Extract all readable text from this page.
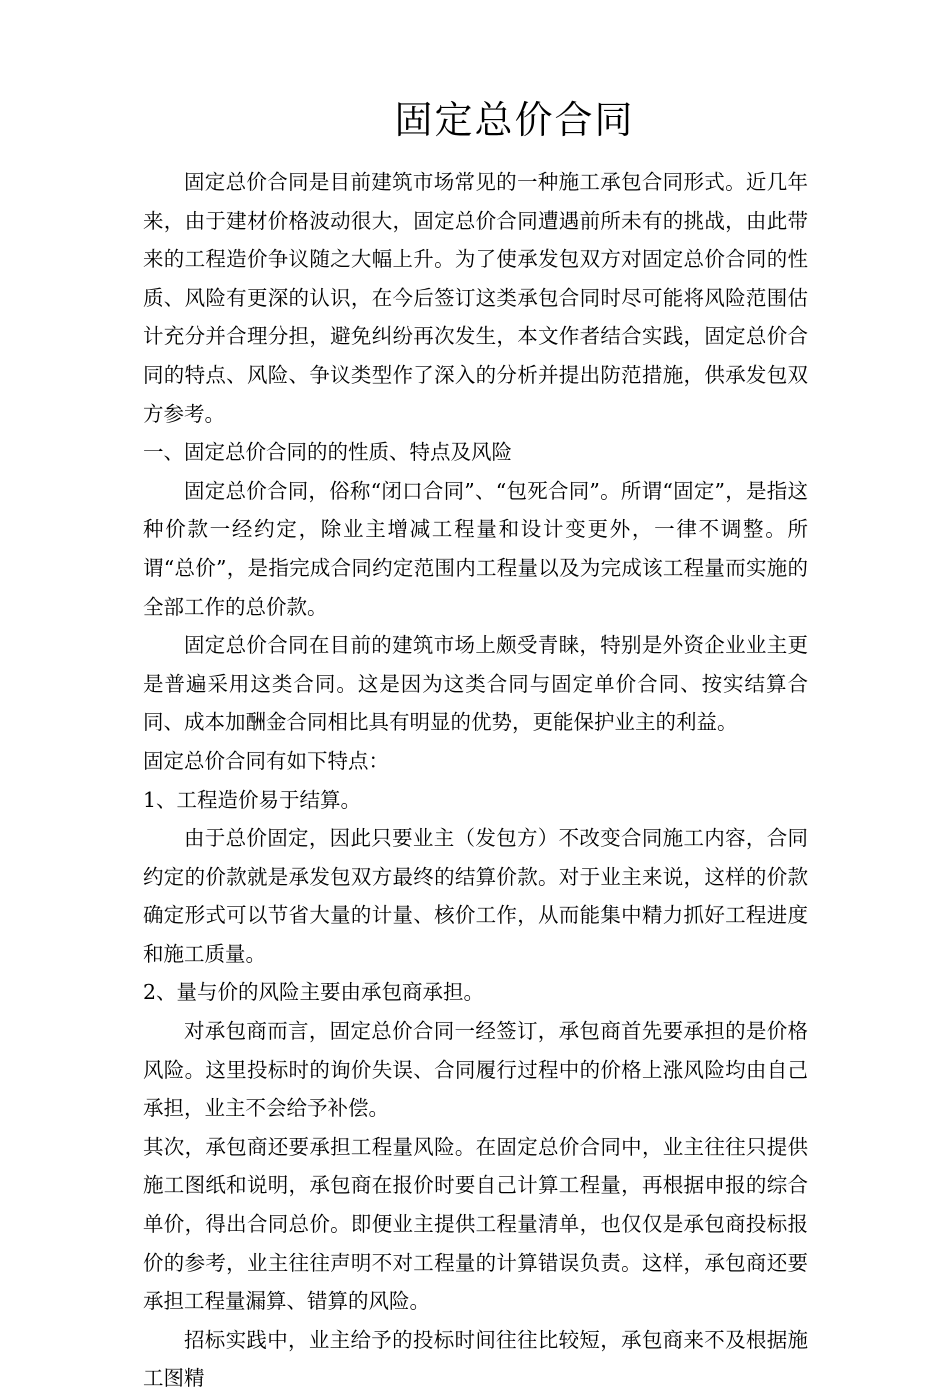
固定总价合同

固定总价合同是目前建筑市场常见的一种施工承包合同形式。近几年来，由于建材价格波动很大，固定总价合同遭遇前所未有的挑战，由此带来的工程造价争议随之大幅上升。为了使承发包双方对固定总价合同的性质、风险有更深的认识，在今后签订这类承包合同时尽可能将风险范围估计充分并合理分担，避免纠纷再次发生，本文作者结合实践，固定总价合同的特点、风险、争议类型作了深入的分析并提出防范措施，供承发包双方参考。

一、固定总价合同的的性质、特点及风险

固定总价合同，俗称“闭口合同”、“包死合同”。所谓“固定”，是指这种价款一经约定，除业主增减工程量和设计变更外，一律不调整。所谓“总价”，是指完成合同约定范围内工程量以及为完成该工程量而实施的全部工作的总价款。

固定总价合同在目前的建筑市场上颇受青睐，特别是外资企业业主更是普遍采用这类合同。这是因为这类合同与固定单价合同、按实结算合同、成本加酬金合同相比具有明显的优势，更能保护业主的利益。

固定总价合同有如下特点：

1、工程造价易于结算。

由于总价固定，因此只要业主（发包方）不改变合同施工内容，合同约定的价款就是承发包双方最终的结算价款。对于业主来说，这样的价款确定形式可以节省大量的计量、核价工作，从而能集中精力抓好工程进度和施工质量。

2、量与价的风险主要由承包商承担。

对承包商而言，固定总价合同一经签订，承包商首先要承担的是价格风险。这里投标时的询价失误、合同履行过程中的价格上涨风险均由自己承担，业主不会给予补偿。

其次，承包商还要承担工程量风险。在固定总价合同中，业主往往只提供施工图纸和说明，承包商在报价时要自己计算工程量，再根据申报的综合单价，得出合同总价。即便业主提供工程量清单，也仅仅是承包商投标报价的参考，业主往往声明不对工程量的计算错误负责。这样，承包商还要承担工程量漏算、错算的风险。

招标实践中，业主给予的投标时间往往比较短，承包商来不及根据施工图精
